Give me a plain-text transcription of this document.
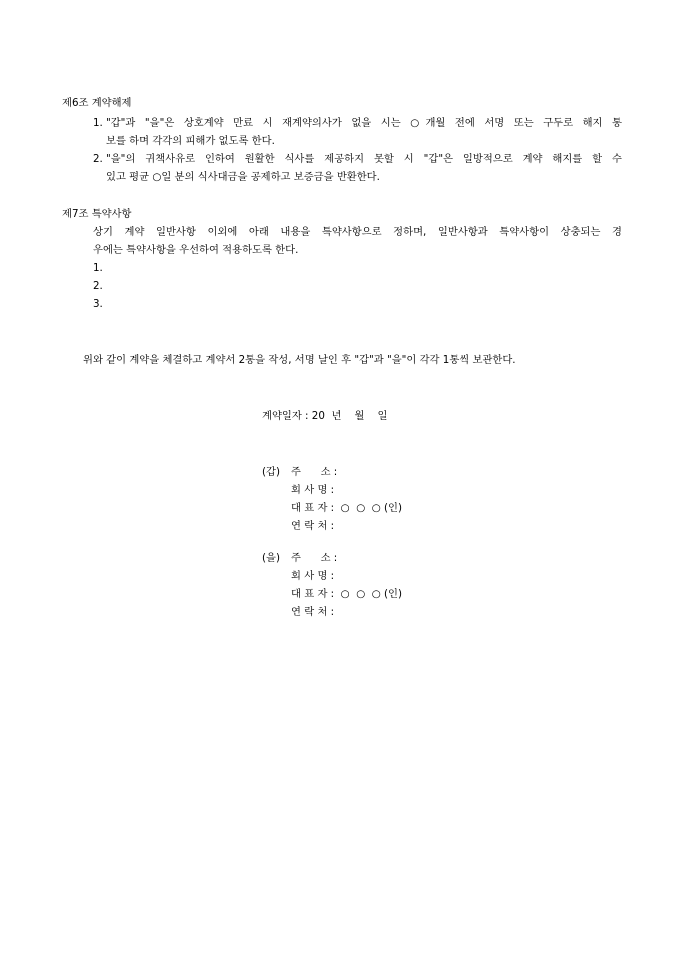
제6조 계약해제
1. "갑"과 "을"은 상호계약 만료 시 재계약의사가 없을 시는 ○개월 전에 서명 또는 구두로 해지 통
보를 하며 각각의 피해가 없도록 한다.
2. "을"의 귀책사유로 인하여 원활한 식사를 제공하지 못할 시 "갑"은 일방적으로 계약 해지를 할 수
있고 평균 ○일 분의 식사대금을 공제하고 보증금을 반환한다.
제7조 특약사항
상기 계약 일반사항 이외에 아래 내용을 특약사항으로 정하며, 일반사항과 특약사항이 상충되는 경
우에는 특약사항을 우선하여 적용하도록 한다.
1.
2.
3.
위와 같이 계약을 체결하고 계약서 2통을 작성, 서명 날인 후 "갑"과 "을"이 각각 1통씩 보관한다.
계약일자 : 20  년    월    일
(갑) 주      소 :
회 사 명 :
대 표 자 :  ○  ○  ○ (인)
연 락 처 :
(을) 주      소 :
회 사 명 :
대 표 자 :  ○  ○  ○ (인)
연 락 처 :
